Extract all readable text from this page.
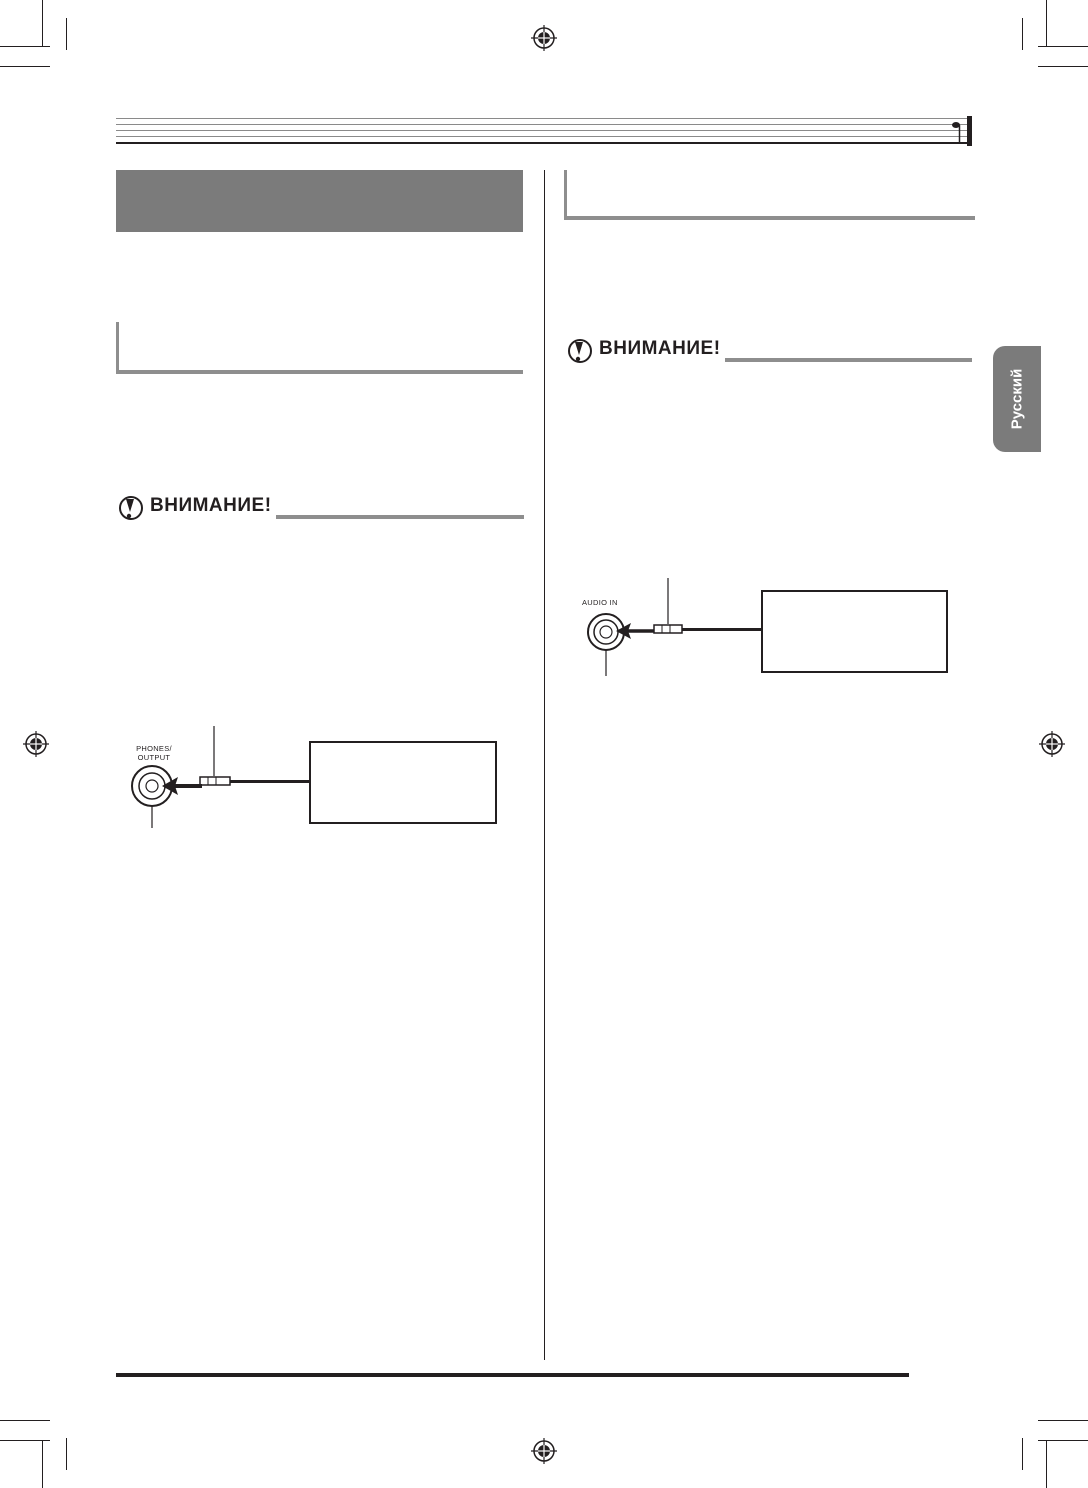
ВНИМАНИЕ!
PHONES/
OUTPUT
ВНИМАНИЕ!
AUDIO IN
Русский
